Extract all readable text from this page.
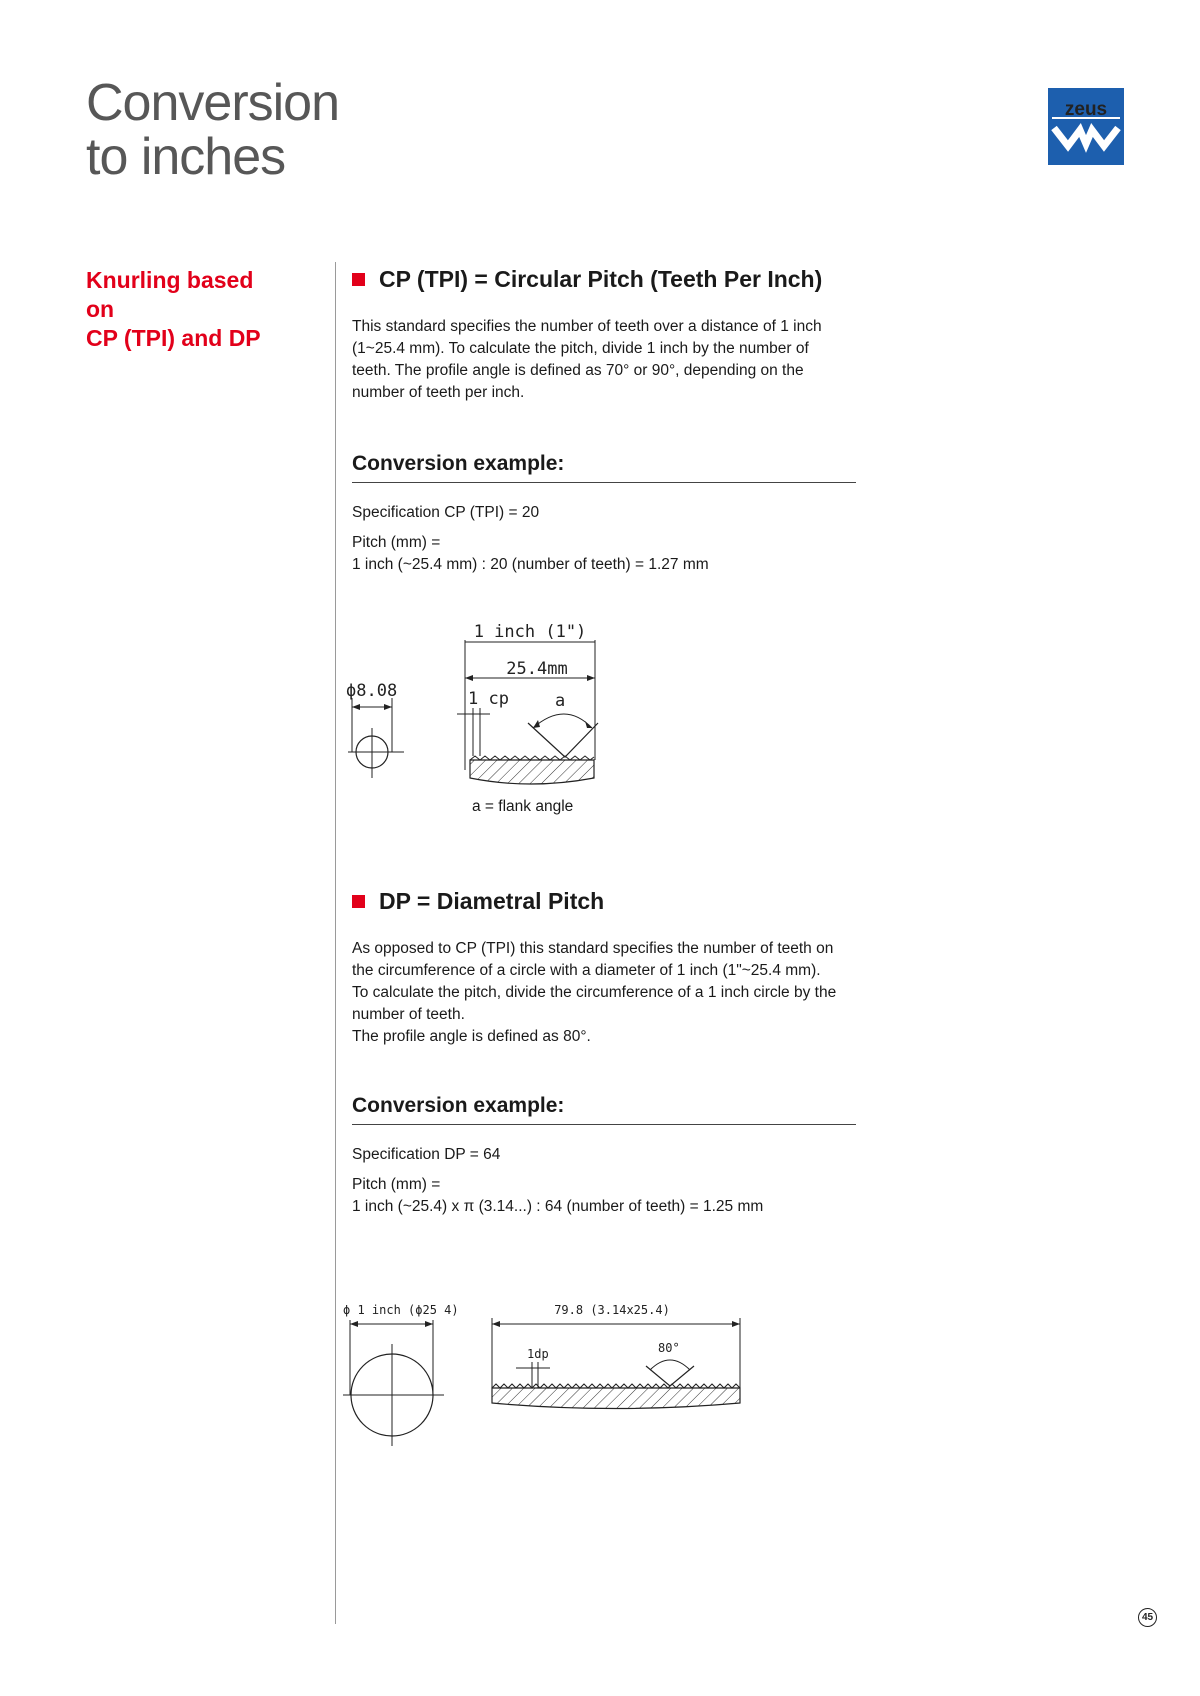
Conversion
to inches
zeus
Knurling based on
CP (TPI) and DP
CP (TPI) = Circular Pitch (Teeth Per Inch)

This standard specifies the number of teeth over a distance of 1 inch
(1~25.4 mm). To calculate the pitch, divide 1 inch by the number of
teeth. The profile angle is defined as 70° or 90°, depending on the
number of teeth per inch.

Conversion example:
Specification CP (TPI) = 20
Pitch (mm) =
1 inch (~25.4 mm) : 20 (number of teeth) = 1.27 mm
ϕ8.08
1 inch (1")
25.4mm
1 cp	a
a = flank angle
DP = Diametral Pitch

As opposed to CP (TPI) this standard specifies the number of teeth on
the circumference of a circle with a diameter of 1 inch (1"~25.4 mm).
To calculate the pitch, divide the circumference of a 1 inch circle by the
number of teeth.
The profile angle is defined as 80°.

Conversion example:
Specification DP = 64
Pitch (mm) =
1 inch (~25.4) x π (3.14...) : 64 (number of teeth) = 1.25 mm
ϕ 1 inch (ϕ25 4)	79.8 (3.14x25.4)
1dp	80°
45
